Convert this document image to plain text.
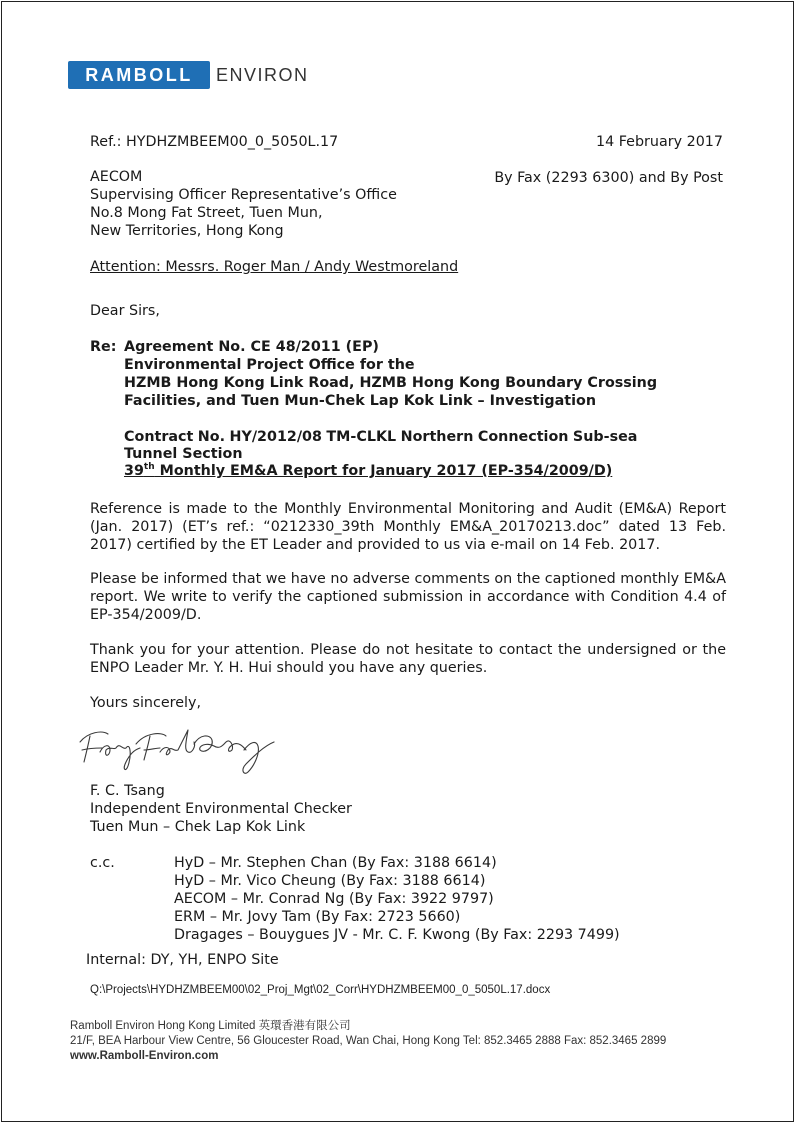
RAMBOLL	ENVIRON
Ref.: HYDHZMBEEM00_0_5050L.17	14 February 2017
AECOM
Supervising Officer Representative’s Office
No.8 Mong Fat Street, Tuen Mun,
New Territories, Hong Kong
By Fax (2293 6300) and By Post
Attention: Messrs. Roger Man / Andy Westmoreland
Dear Sirs,
Re: Agreement No. CE 48/2011 (EP)
Environmental Project Office for the
HZMB Hong Kong Link Road, HZMB Hong Kong Boundary Crossing
Facilities, and Tuen Mun-Chek Lap Kok Link – Investigation
Contract No. HY/2012/08 TM-CLKL Northern Connection Sub-sea
Tunnel Section
39th Monthly EM&A Report for January 2017 (EP-354/2009/D)
Reference is made to the Monthly Environmental Monitoring and Audit (EM&A) Report (Jan. 2017) (ET’s ref.: “0212330_39th Monthly EM&A_20170213.doc” dated 13 Feb. 2017) certified by the ET Leader and provided to us via e-mail on 14 Feb. 2017.
Please be informed that we have no adverse comments on the captioned monthly EM&A report. We write to verify the captioned submission in accordance with Condition 4.4 of EP-354/2009/D.
Thank you for your attention. Please do not hesitate to contact the undersigned or the ENPO Leader Mr. Y. H. Hui should you have any queries.
Yours sincerely,
F. C. Tsang
Independent Environmental Checker
Tuen Mun – Chek Lap Kok Link
c.c.	HyD – Mr. Stephen Chan (By Fax: 3188 6614)
HyD – Mr. Vico Cheung (By Fax: 3188 6614)
AECOM – Mr. Conrad Ng (By Fax: 3922 9797)
ERM – Mr. Jovy Tam (By Fax: 2723 5660)
Dragages – Bouygues JV - Mr. C. F. Kwong (By Fax: 2293 7499)
Internal: DY, YH, ENPO Site
Q:\Projects\HYDHZMBEEM00\02_Proj_Mgt\02_Corr\HYDHZMBEEM00_0_5050L.17.docx
Ramboll Environ Hong Kong Limited 英環香港有限公司
21/F, BEA Harbour View Centre, 56 Gloucester Road, Wan Chai, Hong Kong Tel: 852.3465 2888 Fax: 852.3465 2899
www.Ramboll-Environ.com
